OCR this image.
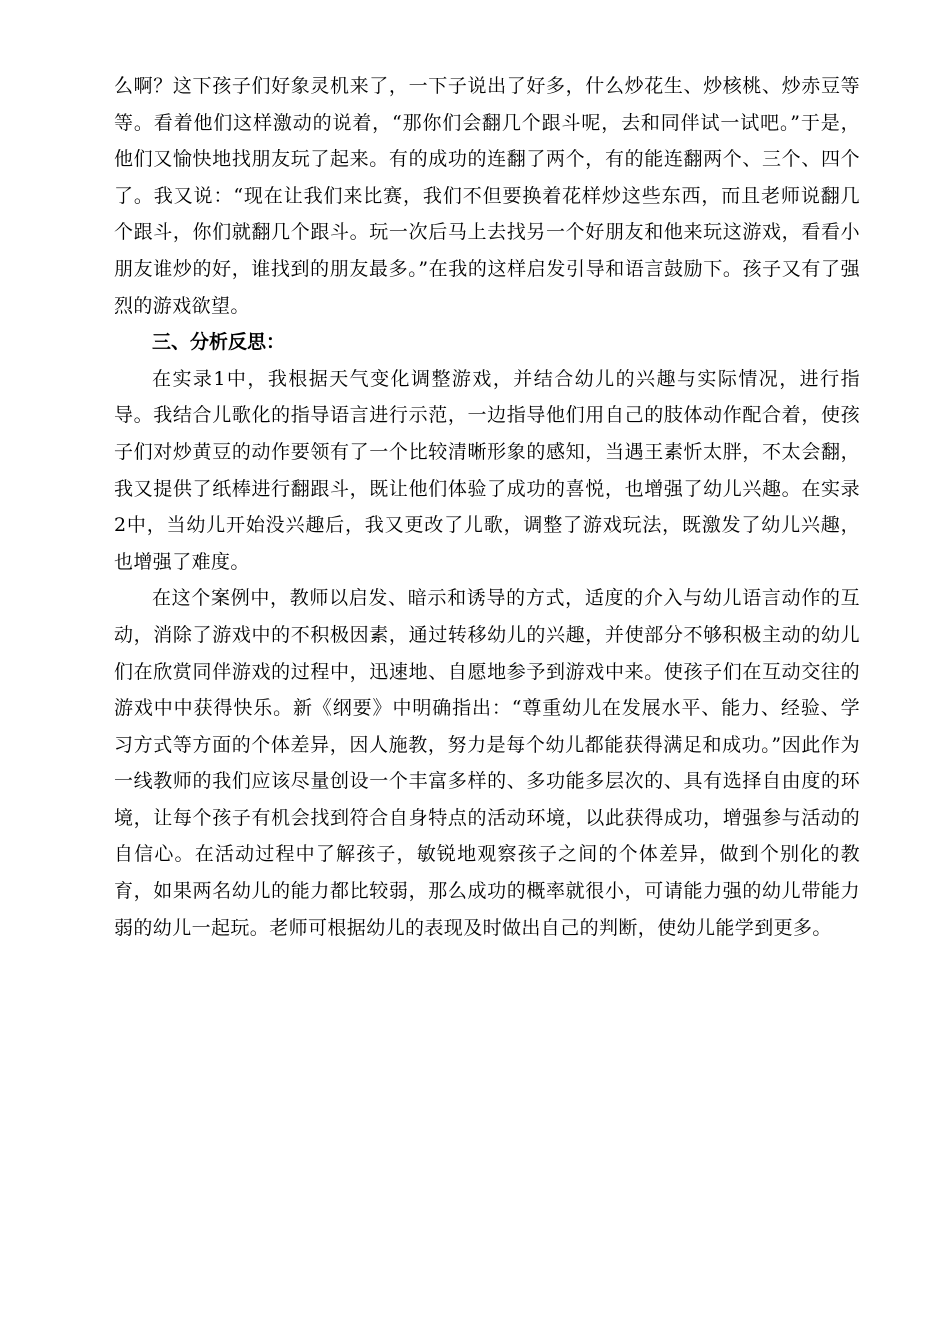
么啊？这下孩子们好象灵机来了，一下子说出了好多，什么炒花生、炒核桃、炒赤豆等等。看着他们这样激动的说着，“那你们会翻几个跟斗呢，去和同伴试一试吧。”于是，他们又愉快地找朋友玩了起来。有的成功的连翻了两个，有的能连翻两个、三个、四个了。我又说：“现在让我们来比赛，我们不但要换着花样炒这些东西，而且老师说翻几个跟斗，你们就翻几个跟斗。玩一次后马上去找另一个好朋友和他来玩这游戏，看看小朋友谁炒的好，谁找到的朋友最多。”在我的这样启发引导和语言鼓励下。孩子又有了强烈的游戏欲望。

三、分析反思：

在实录1中，我根据天气变化调整游戏，并结合幼儿的兴趣与实际情况，进行指导。我结合儿歌化的指导语言进行示范，一边指导他们用自己的肢体动作配合着，使孩子们对炒黄豆的动作要领有了一个比较清晰形象的感知，当遇王素忻太胖，不太会翻，我又提供了纸棒进行翻跟斗，既让他们体验了成功的喜悦，也增强了幼儿兴趣。在实录2中，当幼儿开始没兴趣后，我又更改了儿歌，调整了游戏玩法，既激发了幼儿兴趣，也增强了难度。

在这个案例中，教师以启发、暗示和诱导的方式，适度的介入与幼儿语言动作的互动，消除了游戏中的不积极因素，通过转移幼儿的兴趣，并使部分不够积极主动的幼儿们在欣赏同伴游戏的过程中，迅速地、自愿地参予到游戏中来。使孩子们在互动交往的游戏中中获得快乐。新《纲要》中明确指出：“尊重幼儿在发展水平、能力、经验、学习方式等方面的个体差异，因人施教，努力是每个幼儿都能获得满足和成功。”因此作为一线教师的我们应该尽量创设一个丰富多样的、多功能多层次的、具有选择自由度的环境，让每个孩子有机会找到符合自身特点的活动环境，以此获得成功，增强参与活动的自信心。在活动过程中了解孩子，敏锐地观察孩子之间的个体差异，做到个别化的教育，如果两名幼儿的能力都比较弱，那么成功的概率就很小，可请能力强的幼儿带能力弱的幼儿一起玩。老师可根据幼儿的表现及时做出自己的判断，使幼儿能学到更多。
